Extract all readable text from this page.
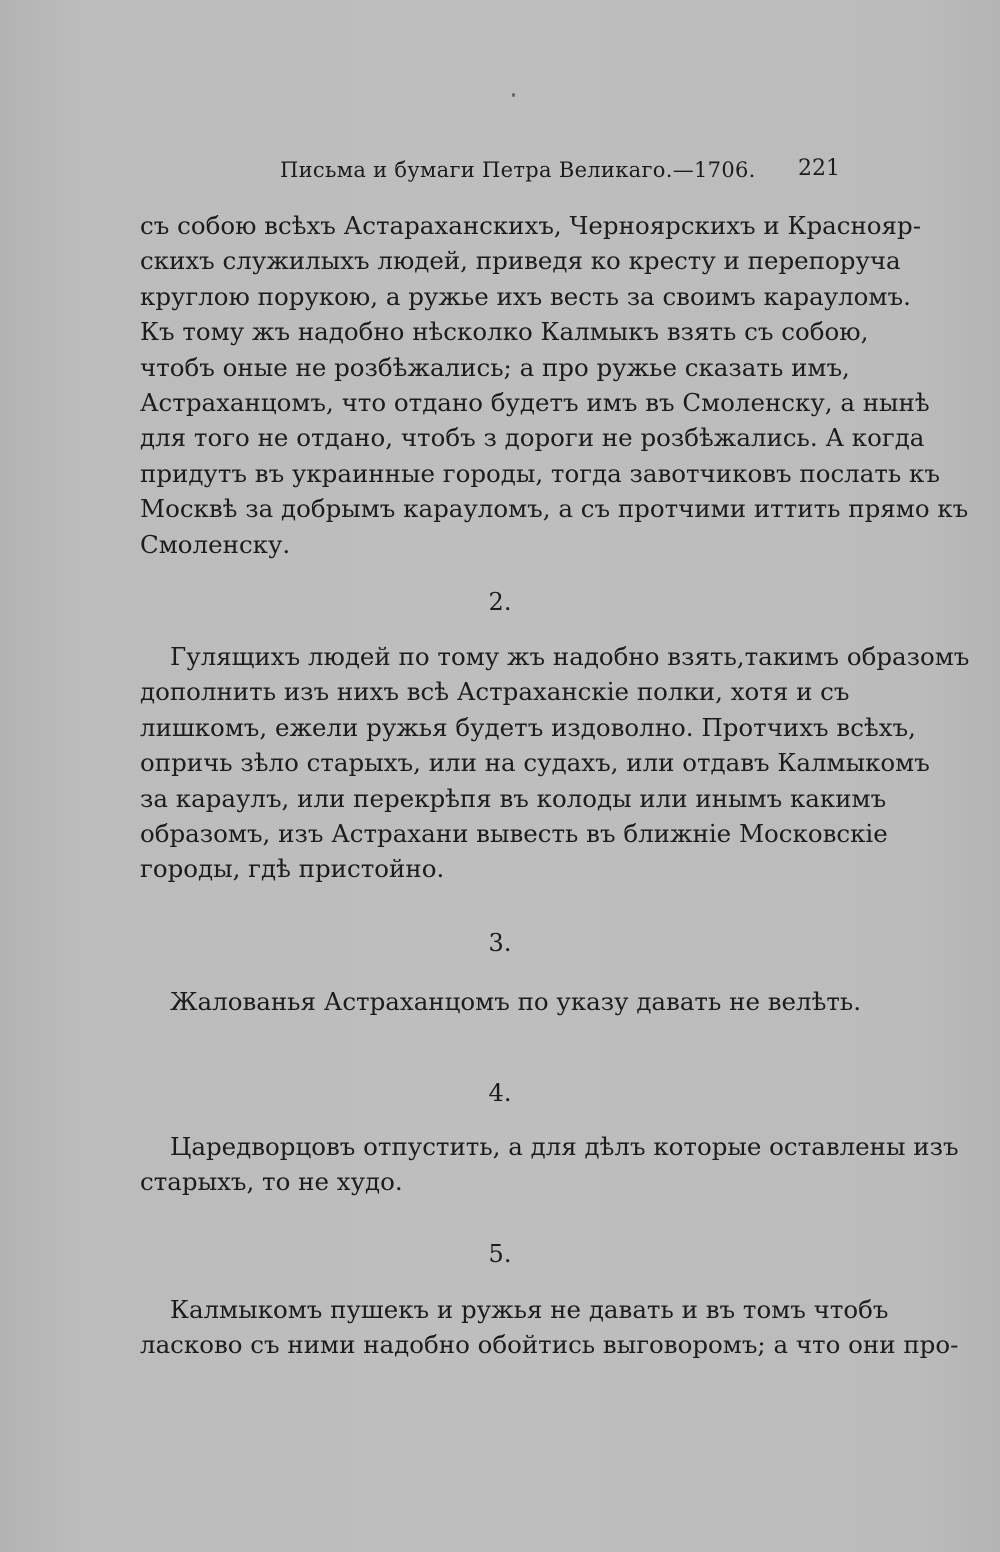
Письма и бумаги Петра Великаго.—1706. 221
съ собою всѣхъ Астараханскихъ, Черноярскихъ и Краснояр-
скихъ служилыхъ людей, приведя ко кресту и перепоруча
круглою порукою, а ружье ихъ весть за своимъ карауломъ.
Къ тому жъ надобно нѣсколко Калмыкъ взять съ собою,
чтобъ оные не розбѣжались; а про ружье сказать имъ,
Астраханцомъ, что отдано будетъ имъ въ Смоленску, а нынѣ
для того не отдано, чтобъ з дороги не розбѣжались. А когда
придутъ въ украинные городы, тогда завотчиковъ послать къ
Москвѣ за добрымъ карауломъ, а съ протчими иттить прямо къ
Смоленску.
2.
Гулящихъ людей по тому жъ надобно взять,такимъ образомъ
дополнить изъ нихъ всѣ Астраханскіе полки, хотя и съ
лишкомъ, ежели ружья будетъ издоволно. Протчихъ всѣхъ,
опричь зѣло старыхъ, или на судахъ, или отдавъ Калмыкомъ
за караулъ, или перекрѣпя въ колоды или инымъ какимъ
образомъ, изъ Астрахани вывесть въ ближніе Московскіе
городы, гдѣ пристойно.
3.
Жалованья Астраханцомъ по указу давать не велѣть.
4.
Царедворцовъ отпустить, а для дѣлъ которые оставлены изъ
старыхъ, то не худо.
5.
Калмыкомъ пушекъ и ружья не давать и въ томъ чтобъ
ласково съ ними надобно обойтись выговоромъ; а что они про-
